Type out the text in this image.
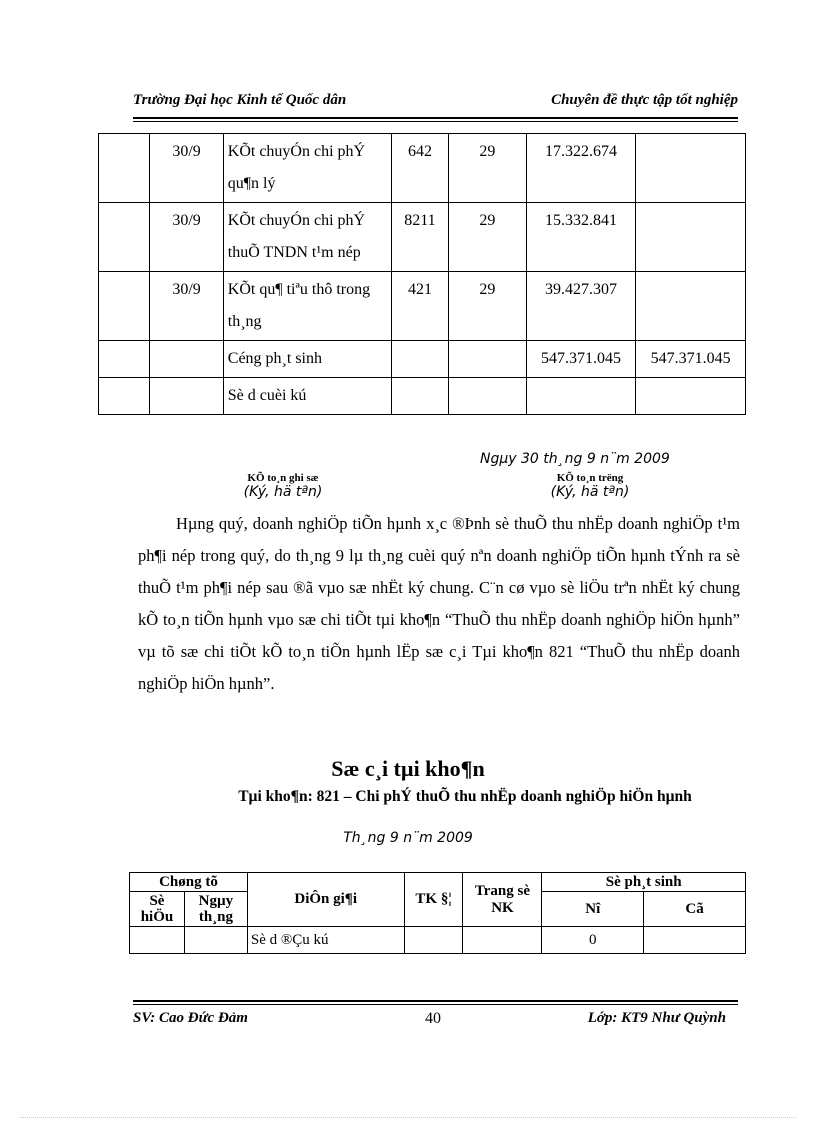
Trường Đại học Kinh tế Quốc dân	Chuyên đề thực tập tốt nghiệp
	30/9	KÕt chuyÓn chi phÝ qu¶n lý	642	29	17.322.674	
	30/9	KÕt chuyÓn chi phÝ thuÕ TNDN t¹m nép	8211	29	15.332.841	
	30/9	KÕt qu¶ tiªu thô trong th¸ng	421	29	39.427.307	
		Céng ph¸t sinh			547.371.045	547.371.045
		Sè d cuèi kú				
Ngµy 30 th¸ng 9 n¨m 2009
KÕ to¸n ghi sæ
(Ký, hä tªn)
KÕ to¸n trëng
(Ký, hä tªn)
Hµng quý, doanh nghiÖp tiÕn hµnh x¸c ®Þnh sè thuÕ thu nhËp doanh nghiÖp t¹m ph¶i nép trong quý, do th¸ng 9 lµ th¸ng cuèi quý nªn doanh nghiÖp tiÕn hµnh tÝnh ra sè thuÕ t¹m ph¶i nép sau ®ã vµo sæ nhËt ký chung. C¨n cø vµo sè liÖu trªn nhËt ký chung kÕ to¸n tiÕn hµnh vµo sæ chi tiÕt tµi kho¶n “ThuÕ thu nhËp doanh nghiÖp hiÖn hµnh” vµ tõ sæ chi tiÕt kÕ to¸n tiÕn hµnh lËp sæ c¸i Tµi kho¶n 821 “ThuÕ thu nhËp doanh nghiÖp hiÖn hµnh”.
Sæ c¸i tµi kho¶n
Tµi kho¶n: 821 – Chi phÝ thuÕ thu nhËp doanh nghiÖp hiÖn hµnh
Th¸ng 9 n¨m 2009
Chøng tõ		DiÔn gi¶i	TK §¦	Trang sè NK	Sè ph¸t sinh	
Sè hiÖu	Ngµy th¸ng				Nî	Cã
		Sè d ®Çu kú			0	
SV: Cao Đức Đảm	40	Lớp: KT9 Như Quỳnh
